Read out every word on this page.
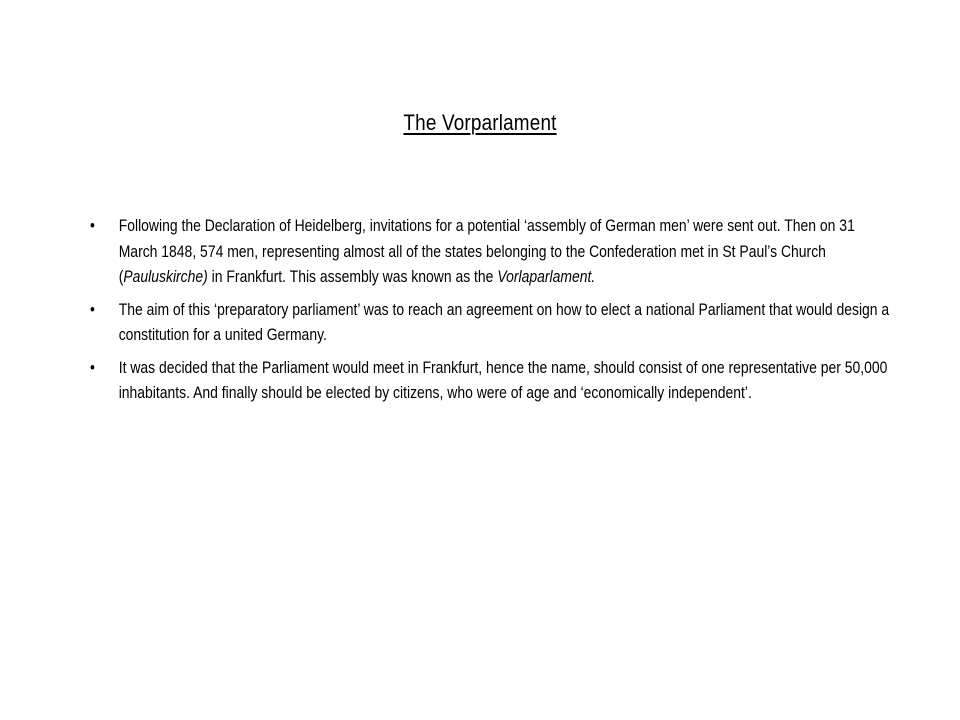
The Vorparlament
• Following the Declaration of Heidelberg, invitations for a potential ‘assembly of German men’ were sent out. Then on 31 March 1848, 574 men, representing almost all of the states belonging to the Confederation met in St Paul’s Church (Pauluskirche) in Frankfurt. This assembly was known as the Vorlaparlament.
• The aim of this ‘preparatory parliament’ was to reach an agreement on how to elect a national Parliament that would design a constitution for a united Germany.
• It was decided that the Parliament would meet in Frankfurt, hence the name, should consist of one representative per 50,000 inhabitants. And finally should be elected by citizens, who were of age and ‘economically independent’.
